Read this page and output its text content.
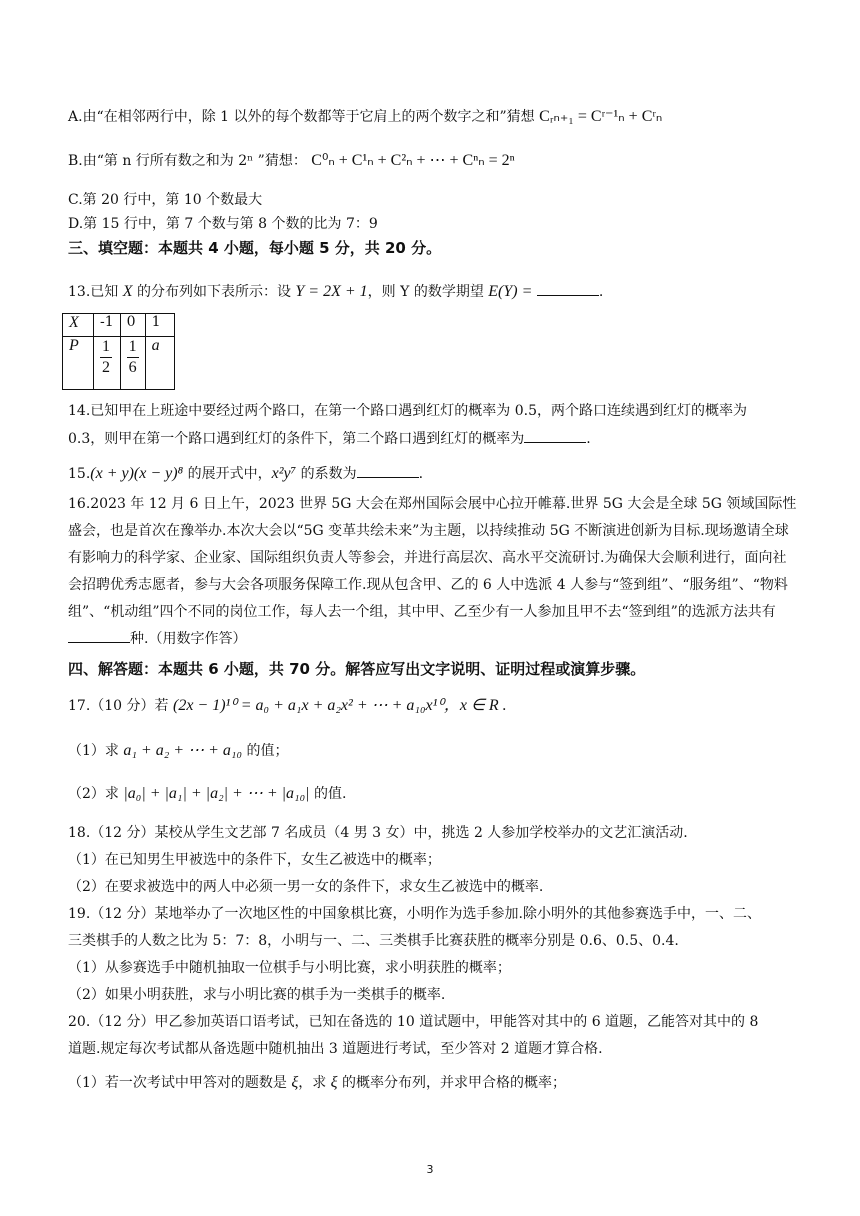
A.由“在相邻两行中，除 1 以外的每个数都等于它肩上的两个数字之和”猜想 Cᵣₙ₊₁ = Cʳ⁻¹ₙ + Cʳₙ
B.由“第 n 行所有数之和为 2ⁿ ”猜想： C⁰ₙ + C¹ₙ + C²ₙ + ⋯ + Cⁿₙ = 2ⁿ
C.第 20 行中，第 10 个数最大
D.第 15 行中，第 7 个数与第 8 个数的比为 7：9
三、填空题：本题共 4 小题，每小题 5 分，共 20 分。
13.已知 X 的分布列如下表所示：设 Y = 2X + 1，则 Y 的数学期望 E(Y) =	.
X	-1	0	1
P	$\frac{1}{2}$	$\frac{1}{6}$	a
14.已知甲在上班途中要经过两个路口，在第一个路口遇到红灯的概率为 0.5，两个路口连续遇到红灯的概率为
0.3，则甲在第一个路口遇到红灯的条件下，第二个路口遇到红灯的概率为	.
15.(x + y)(x − y)⁸ 的展开式中，x²y⁷ 的系数为	.
16.2023 年 12 月 6 日上午，2023 世界 5G 大会在郑州国际会展中心拉开帷幕.世界 5G 大会是全球 5G 领域国际性盛会，也是首次在豫举办.本次大会以“5G 变革共绘未来”为主题，以持续推动 5G 不断演进创新为目标.现场邀请全球有影响力的科学家、企业家、国际组织负责人等参会，并进行高层次、高水平交流研讨.为确保大会顺利进行，面向社会招聘优秀志愿者，参与大会各项服务保障工作.现从包含甲、乙的 6 人中选派 4 人参与“签到组”、“服务组”、“物料组”、“机动组”四个不同的岗位工作，每人去一个组，其中甲、乙至少有一人参加且甲不去“签到组”的选派方法共有种.（用数字作答）
四、解答题：本题共 6 小题，共 70 分。解答应写出文字说明、证明过程或演算步骤。
17.（10 分）若 (2x − 1)¹⁰ = a₀ + a₁x + a₂x² + ⋯ + a₁₀x¹⁰，x ∈ R .
（1）求 a₁ + a₂ + ⋯ + a₁₀ 的值；
（2）求 |a₀| + |a₁| + |a₂| + ⋯ + |a₁₀| 的值.
18.（12 分）某校从学生文艺部 7 名成员（4 男 3 女）中，挑选 2 人参加学校举办的文艺汇演活动.
（1）在已知男生甲被选中的条件下，女生乙被选中的概率；
（2）在要求被选中的两人中必须一男一女的条件下，求女生乙被选中的概率.
19.（12 分）某地举办了一次地区性的中国象棋比赛，小明作为选手参加.除小明外的其他参赛选手中，一、二、
三类棋手的人数之比为 5：7：8，小明与一、二、三类棋手比赛获胜的概率分别是 0.6、0.5、0.4.
（1）从参赛选手中随机抽取一位棋手与小明比赛，求小明获胜的概率；
（2）如果小明获胜，求与小明比赛的棋手为一类棋手的概率.
20.（12 分）甲乙参加英语口语考试，已知在备选的 10 道试题中，甲能答对其中的 6 道题，乙能答对其中的 8
道题.规定每次考试都从备选题中随机抽出 3 道题进行考试，至少答对 2 道题才算合格.
（1）若一次考试中甲答对的题数是 ξ，求 ξ 的概率分布列，并求甲合格的概率；
3
